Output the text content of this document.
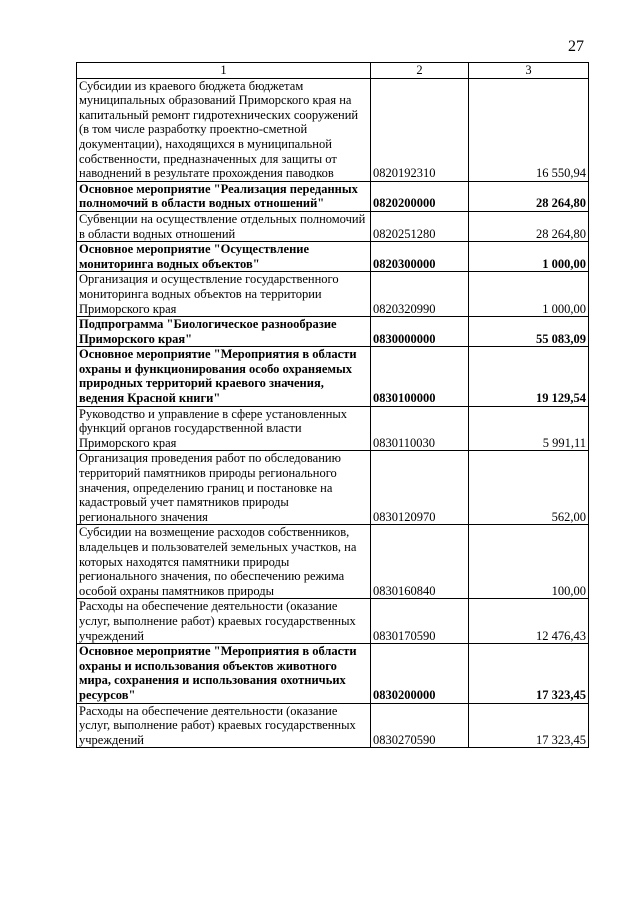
27
1	2	3
Субсидии из краевого бюджета бюджетам муниципальных образований Приморского края на капитальный ремонт гидротехнических сооружений (в том числе разработку проектно-сметной документации), находящихся в муниципальной собственности, предназначенных для защиты от наводнений в результате прохождения паводков	0820192310	16 550,94
Основное мероприятие "Реализация переданных полномочий в области водных отношений"	0820200000	28 264,80
Субвенции на осуществление отдельных полномочий в области водных отношений	0820251280	28 264,80
Основное мероприятие "Осуществление мониторинга водных объектов"	0820300000	1 000,00
Организация и осуществление государственного мониторинга водных объектов на территории Приморского края	0820320990	1 000,00
Подпрограмма "Биологическое разнообразие Приморского края"	0830000000	55 083,09
Основное мероприятие "Мероприятия в области охраны и функционирования особо охраняемых природных территорий краевого значения, ведения Красной книги"	0830100000	19 129,54
Руководство и управление в сфере установленных функций органов государственной власти Приморского края	0830110030	5 991,11
Организация проведения работ по обследованию территорий памятников природы регионального значения, определению границ и постановке на кадастровый учет памятников природы регионального значения	0830120970	562,00
Субсидии на возмещение расходов собственников, владельцев и пользователей земельных участков, на которых находятся памятники природы регионального значения, по обеспечению режима особой охраны памятников природы	0830160840	100,00
Расходы на обеспечение деятельности (оказание услуг, выполнение работ) краевых государственных учреждений	0830170590	12 476,43
Основное мероприятие "Мероприятия в области охраны и использования объектов животного мира, сохранения и использования охотничьих ресурсов"	0830200000	17 323,45
Расходы на обеспечение деятельности (оказание услуг, выполнение работ) краевых государственных учреждений	0830270590	17 323,45
